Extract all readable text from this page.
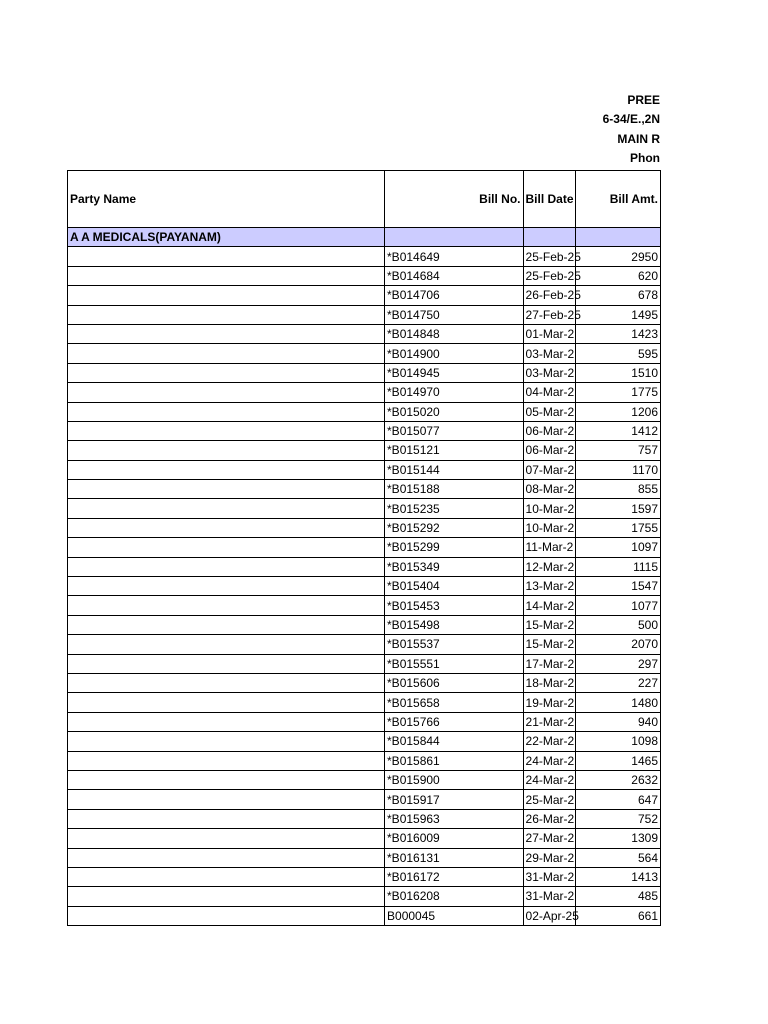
PREE
6-34/E.,2N
MAIN R
Phon
Party Name	Bill No.	Bill Date	Bill Amt.
A A MEDICALS(PAYANAM)			
	*B014649	25-Feb-25	2950
	*B014684	25-Feb-25	620
	*B014706	26-Feb-25	678
	*B014750	27-Feb-25	1495
	*B014848	01-Mar-2	1423
	*B014900	03-Mar-2	595
	*B014945	03-Mar-2	1510
	*B014970	04-Mar-2	1775
	*B015020	05-Mar-2	1206
	*B015077	06-Mar-2	1412
	*B015121	06-Mar-2	757
	*B015144	07-Mar-2	1170
	*B015188	08-Mar-2	855
	*B015235	10-Mar-2	1597
	*B015292	10-Mar-2	1755
	*B015299	11-Mar-2	1097
	*B015349	12-Mar-2	1115
	*B015404	13-Mar-2	1547
	*B015453	14-Mar-2	1077
	*B015498	15-Mar-2	500
	*B015537	15-Mar-2	2070
	*B015551	17-Mar-2	297
	*B015606	18-Mar-2	227
	*B015658	19-Mar-2	1480
	*B015766	21-Mar-2	940
	*B015844	22-Mar-2	1098
	*B015861	24-Mar-2	1465
	*B015900	24-Mar-2	2632
	*B015917	25-Mar-2	647
	*B015963	26-Mar-2	752
	*B016009	27-Mar-2	1309
	*B016131	29-Mar-2	564
	*B016172	31-Mar-2	1413
	*B016208	31-Mar-2	485
	B000045	02-Apr-25	661
